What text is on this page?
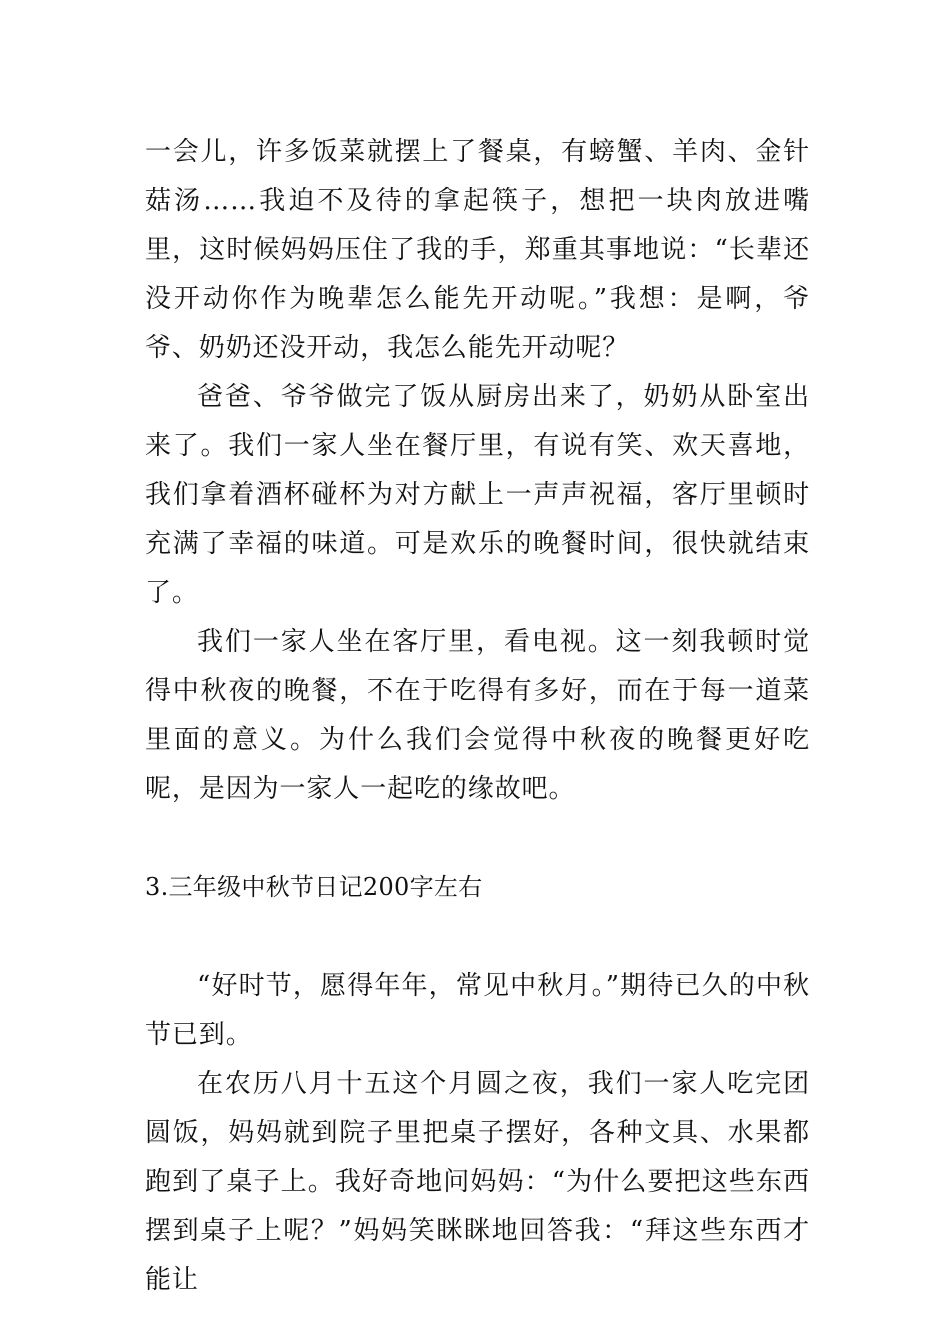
一会儿，许多饭菜就摆上了餐桌，有螃蟹、羊肉、金针菇汤……我迫不及待的拿起筷子，想把一块肉放进嘴里，这时候妈妈压住了我的手，郑重其事地说：“长辈还没开动你作为晚辈怎么能先开动呢。”我想：是啊，爷爷、奶奶还没开动，我怎么能先开动呢？

爸爸、爷爷做完了饭从厨房出来了，奶奶从卧室出来了。我们一家人坐在餐厅里，有说有笑、欢天喜地，我们拿着酒杯碰杯为对方献上一声声祝福，客厅里顿时充满了幸福的味道。可是欢乐的晚餐时间，很快就结束了。

我们一家人坐在客厅里，看电视。这一刻我顿时觉得中秋夜的晚餐，不在于吃得有多好，而在于每一道菜里面的意义。为什么我们会觉得中秋夜的晚餐更好吃呢，是因为一家人一起吃的缘故吧。

3.三年级中秋节日记200字左右

“好时节，愿得年年，常见中秋月。”期待已久的中秋节已到。

在农历八月十五这个月圆之夜，我们一家人吃完团圆饭，妈妈就到院子里把桌子摆好，各种文具、水果都跑到了桌子上。我好奇地问妈妈：“为什么要把这些东西摆到桌子上呢？”妈妈笑眯眯地回答我：“拜这些东西才能让
